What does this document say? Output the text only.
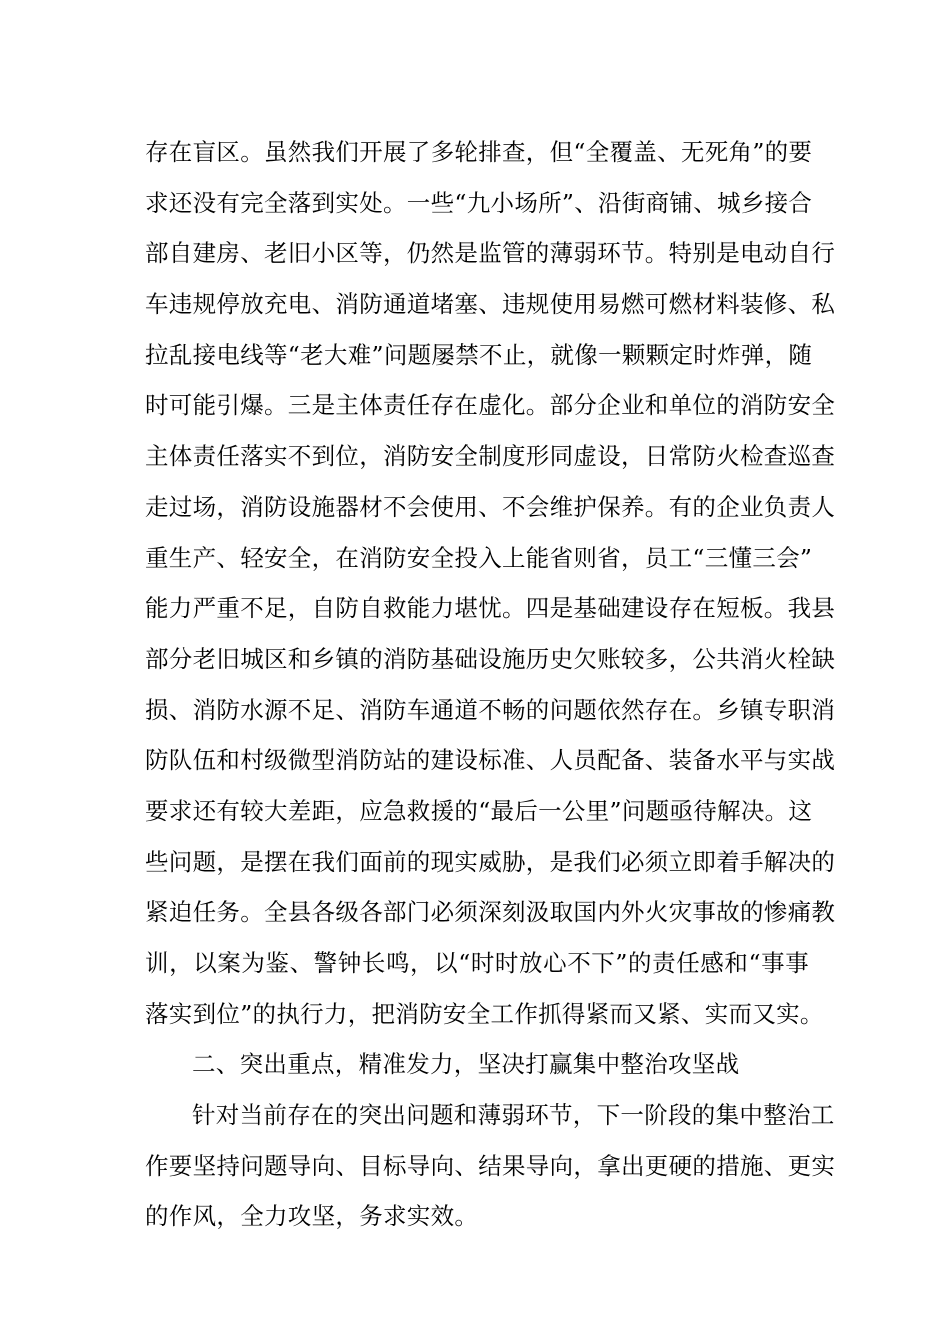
存在盲区。虽然我们开展了多轮排查，但“全覆盖、无死角”的要
求还没有完全落到实处。一些“九小场所”、沿街商铺、城乡接合
部自建房、老旧小区等，仍然是监管的薄弱环节。特别是电动自行
车违规停放充电、消防通道堵塞、违规使用易燃可燃材料装修、私
拉乱接电线等“老大难”问题屡禁不止，就像一颗颗定时炸弹，随
时可能引爆。三是主体责任存在虚化。部分企业和单位的消防安全
主体责任落实不到位，消防安全制度形同虚设，日常防火检查巡查
走过场，消防设施器材不会使用、不会维护保养。有的企业负责人
重生产、轻安全，在消防安全投入上能省则省，员工“三懂三会”
能力严重不足，自防自救能力堪忧。四是基础建设存在短板。我县
部分老旧城区和乡镇的消防基础设施历史欠账较多，公共消火栓缺
损、消防水源不足、消防车通道不畅的问题依然存在。乡镇专职消
防队伍和村级微型消防站的建设标准、人员配备、装备水平与实战
要求还有较大差距，应急救援的“最后一公里”问题亟待解决。这
些问题，是摆在我们面前的现实威胁，是我们必须立即着手解决的
紧迫任务。全县各级各部门必须深刻汲取国内外火灾事故的惨痛教
训，以案为鉴、警钟长鸣，以“时时放心不下”的责任感和“事事
落实到位”的执行力，把消防安全工作抓得紧而又紧、实而又实。
二、突出重点，精准发力，坚决打赢集中整治攻坚战
针对当前存在的突出问题和薄弱环节，下一阶段的集中整治工
作要坚持问题导向、目标导向、结果导向，拿出更硬的措施、更实
的作风，全力攻坚，务求实效。
